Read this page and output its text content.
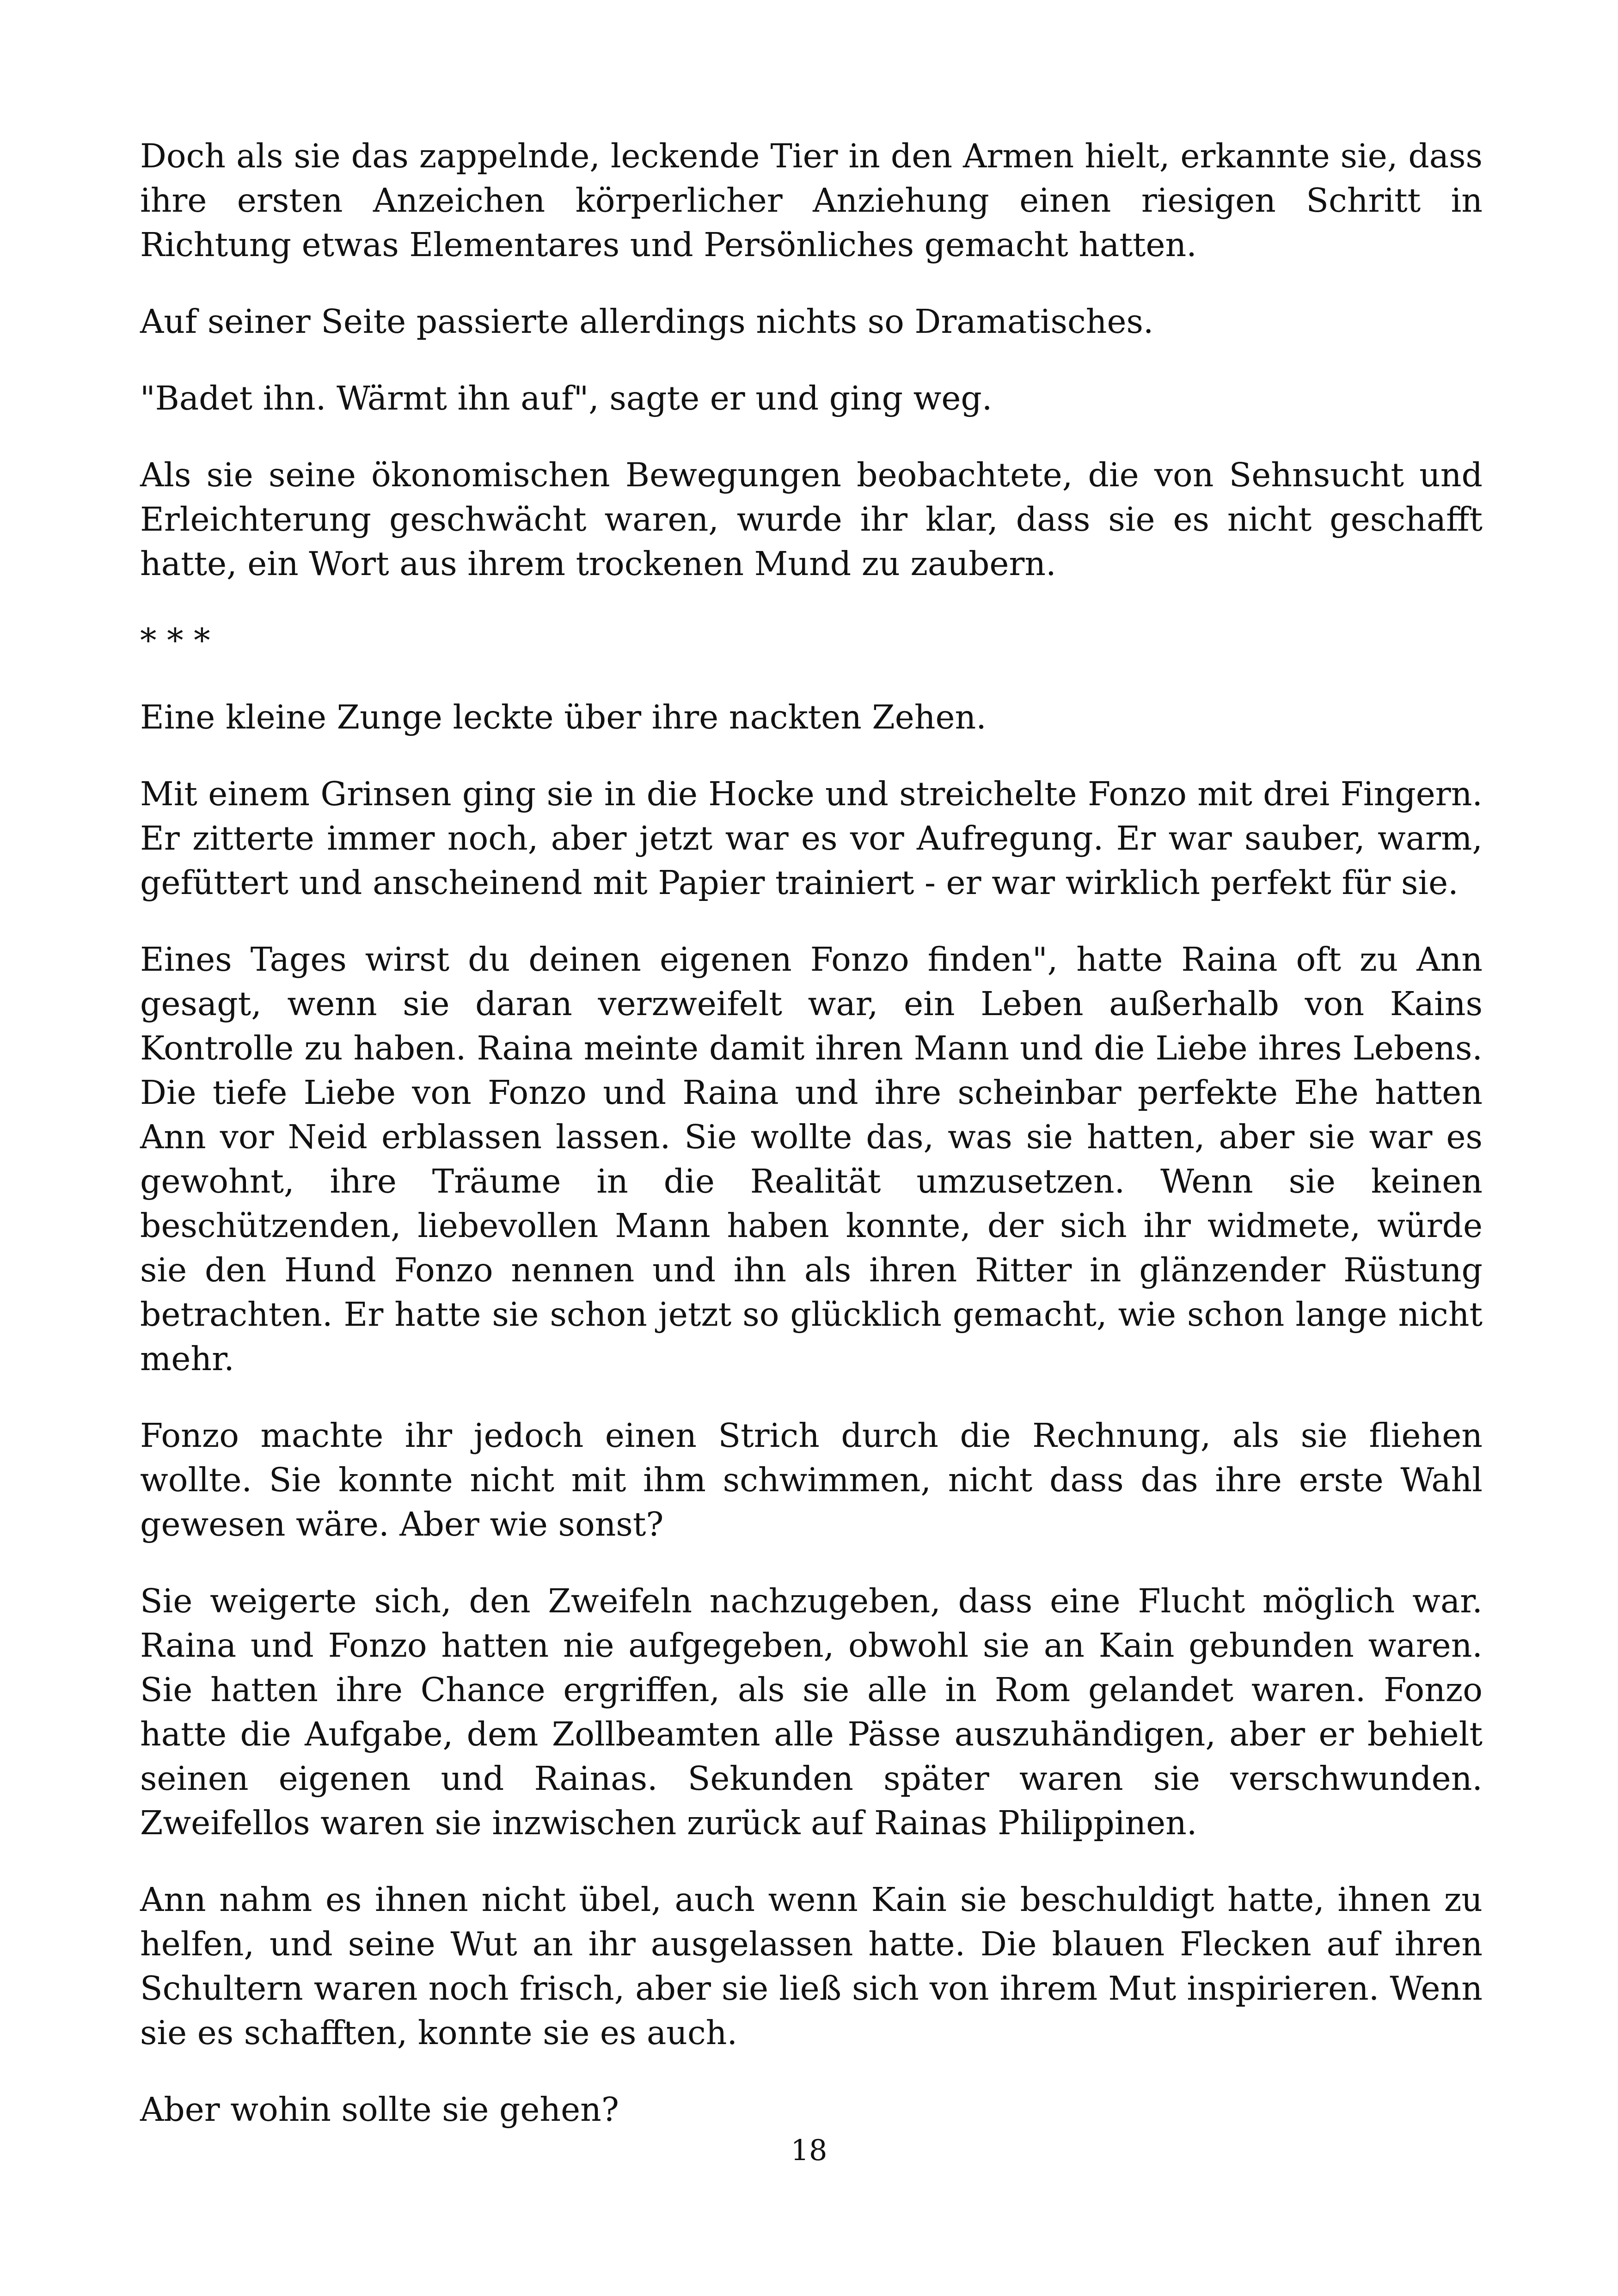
Doch als sie das zappelnde, leckende Tier in den Armen hielt, erkannte sie, dass ihre ersten Anzeichen körperlicher Anziehung einen riesigen Schritt in Richtung etwas Elementares und Persönliches gemacht hatten.

Auf seiner Seite passierte allerdings nichts so Dramatisches.

"Badet ihn. Wärmt ihn auf", sagte er und ging weg.

Als sie seine ökonomischen Bewegungen beobachtete, die von Sehnsucht und Erleichterung geschwächt waren, wurde ihr klar, dass sie es nicht geschafft hatte, ein Wort aus ihrem trockenen Mund zu zaubern.

* * *

Eine kleine Zunge leckte über ihre nackten Zehen.

Mit einem Grinsen ging sie in die Hocke und streichelte Fonzo mit drei Fingern. Er zitterte immer noch, aber jetzt war es vor Aufregung. Er war sauber, warm, gefüttert und anscheinend mit Papier trainiert - er war wirklich perfekt für sie.

Eines Tages wirst du deinen eigenen Fonzo finden", hatte Raina oft zu Ann gesagt, wenn sie daran verzweifelt war, ein Leben außerhalb von Kains Kontrolle zu haben. Raina meinte damit ihren Mann und die Liebe ihres Lebens. Die tiefe Liebe von Fonzo und Raina und ihre scheinbar perfekte Ehe hatten Ann vor Neid erblassen lassen. Sie wollte das, was sie hatten, aber sie war es gewohnt, ihre Träume in die Realität umzusetzen. Wenn sie keinen beschützenden, liebevollen Mann haben konnte, der sich ihr widmete, würde sie den Hund Fonzo nennen und ihn als ihren Ritter in glänzender Rüstung betrachten. Er hatte sie schon jetzt so glücklich gemacht, wie schon lange nicht mehr.

Fonzo machte ihr jedoch einen Strich durch die Rechnung, als sie fliehen wollte. Sie konnte nicht mit ihm schwimmen, nicht dass das ihre erste Wahl gewesen wäre. Aber wie sonst?

Sie weigerte sich, den Zweifeln nachzugeben, dass eine Flucht möglich war. Raina und Fonzo hatten nie aufgegeben, obwohl sie an Kain gebunden waren. Sie hatten ihre Chance ergriffen, als sie alle in Rom gelandet waren. Fonzo hatte die Aufgabe, dem Zollbeamten alle Pässe auszuhändigen, aber er behielt seinen eigenen und Rainas. Sekunden später waren sie verschwunden. Zweifellos waren sie inzwischen zurück auf Rainas Philippinen.

Ann nahm es ihnen nicht übel, auch wenn Kain sie beschuldigt hatte, ihnen zu helfen, und seine Wut an ihr ausgelassen hatte. Die blauen Flecken auf ihren Schultern waren noch frisch, aber sie ließ sich von ihrem Mut inspirieren. Wenn sie es schafften, konnte sie es auch.

Aber wohin sollte sie gehen?

18
